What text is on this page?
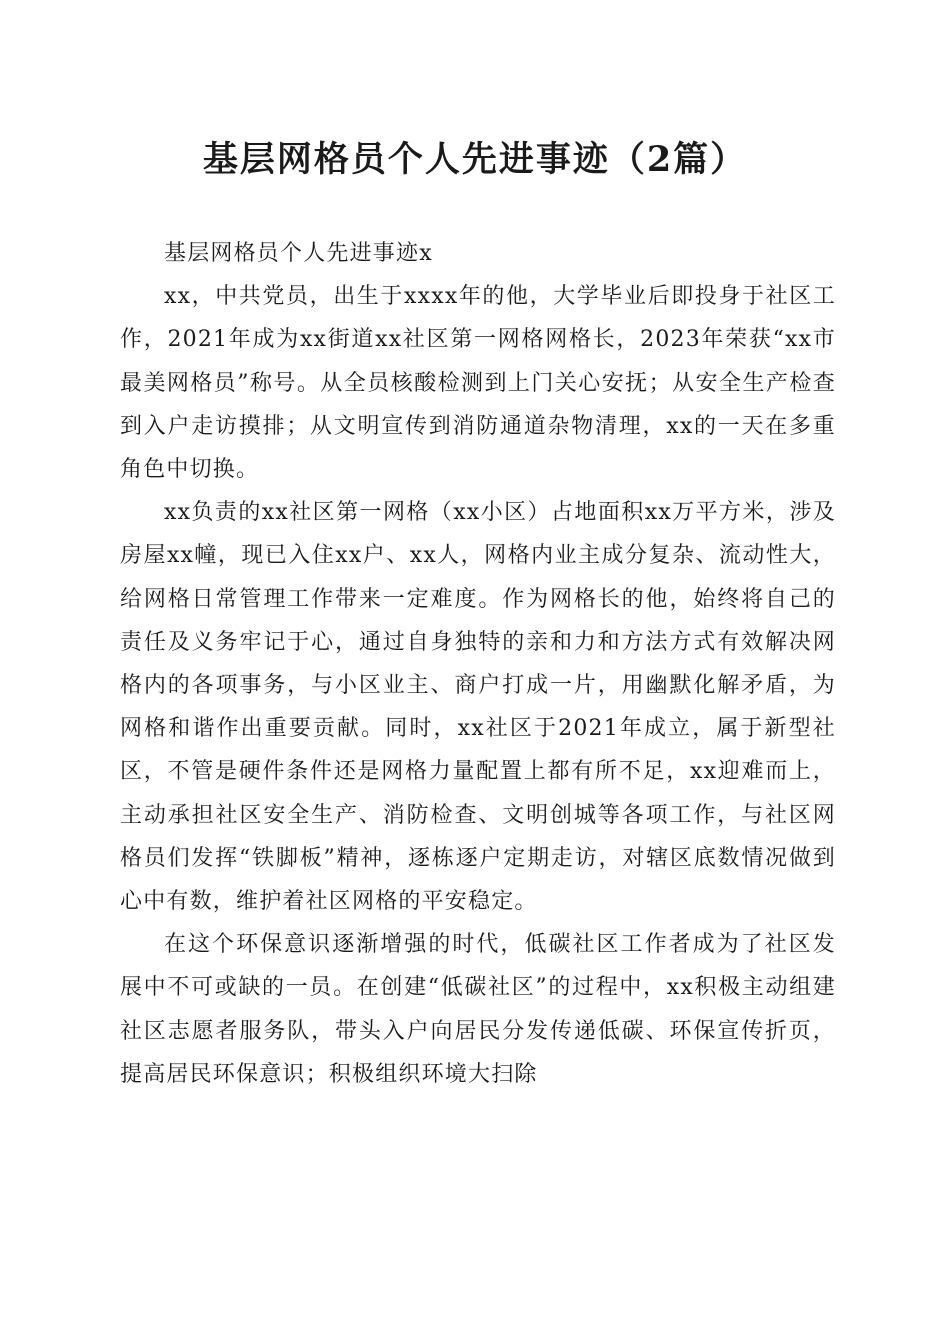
基层网格员个人先进事迹（2篇）

基层网格员个人先进事迹x

xx，中共党员，出生于xxxx年的他，大学毕业后即投身于社区工作，2021年成为xx街道xx社区第一网格网格长，2023年荣获“xx市最美网格员”称号。从全员核酸检测到上门关心安抚；从安全生产检查到入户走访摸排；从文明宣传到消防通道杂物清理，xx的一天在多重角色中切换。

xx负责的xx社区第一网格（xx小区）占地面积xx万平方米，涉及房屋xx幢，现已入住xx户、xx人，网格内业主成分复杂、流动性大，给网格日常管理工作带来一定难度。作为网格长的他，始终将自己的责任及义务牢记于心，通过自身独特的亲和力和方法方式有效解决网格内的各项事务，与小区业主、商户打成一片，用幽默化解矛盾，为网格和谐作出重要贡献。同时，xx社区于2021年成立，属于新型社区，不管是硬件条件还是网格力量配置上都有所不足，xx迎难而上，主动承担社区安全生产、消防检查、文明创城等各项工作，与社区网格员们发挥“铁脚板”精神，逐栋逐户定期走访，对辖区底数情况做到心中有数，维护着社区网格的平安稳定。

在这个环保意识逐渐增强的时代，低碳社区工作者成为了社区发展中不可或缺的一员。在创建“低碳社区”的过程中，xx积极主动组建社区志愿者服务队，带头入户向居民分发传递低碳、环保宣传折页，提高居民环保意识；积极组织环境大扫除
